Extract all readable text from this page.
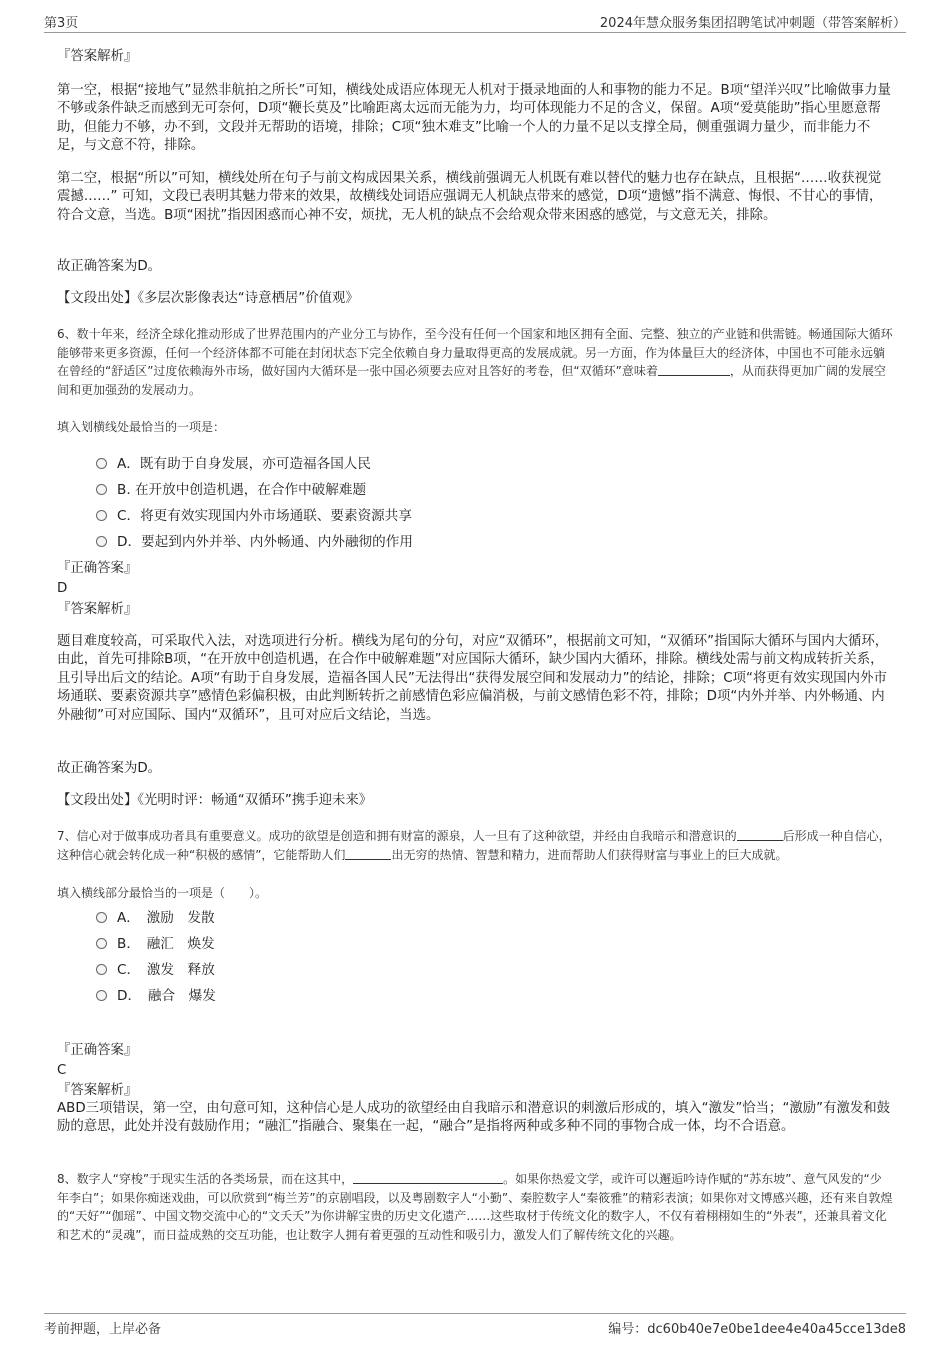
第3页	2024年慧众服务集团招聘笔试冲刺题（带答案解析）
『答案解析』

第一空，根据“接地气”显然非航拍之所长”可知，横线处成语应体现无人机对于摄录地面的人和事物的能力不足。B项“望洋兴叹”比喻做事力量不够或条件缺乏而感到无可奈何，D项“鞭长莫及”比喻距离太远而无能为力，均可体现能力不足的含义，保留。A项“爱莫能助”指心里愿意帮助，但能力不够，办不到，文段并无帮助的语境，排除；C项“独木难支”比喻一个人的力量不足以支撑全局，侧重强调力量少，而非能力不足，与文意不符，排除。

第二空，根据“所以”可知，横线处所在句子与前文构成因果关系，横线前强调无人机既有难以替代的魅力也存在缺点，且根据“……收获视觉震撼……” 可知，文段已表明其魅力带来的效果，故横线处词语应强调无人机缺点带来的感觉，D项“遗憾”指不满意、悔恨、不甘心的事情，符合文意，当选。B项“困扰”指因困惑而心神不安，烦扰，无人机的缺点不会给观众带来困惑的感觉，与文意无关，排除。

故正确答案为D。
【文段出处】《多层次影像表达“诗意栖居”价值观》

6、数十年来，经济全球化推动形成了世界范围内的产业分工与协作，至今没有任何一个国家和地区拥有全面、完整、独立的产业链和供需链。畅通国际大循环能够带来更多资源，任何一个经济体都不可能在封闭状态下完全依赖自身力量取得更高的发展成就。另一方面，作为体量巨大的经济体，中国也不可能永远躺在曾经的“舒适区”过度依赖海外市场，做好国内大循环是一张中国必须要去应对且答好的考卷，但“双循环”意味着	，从而获得更加广阔的发展空间和更加强劲的发展动力。

填入划横线处最恰当的一项是：
A．既有助于自身发展，亦可造福各国人民
B. 在开放中创造机遇，在合作中破解难题
C．将更有效实现国内外市场通联、要素资源共享
D．要起到内外并举、内外畅通、内外融彻的作用
『正确答案』
D
『答案解析』

题目难度较高，可采取代入法，对选项进行分析。横线为尾句的分句，对应“双循环”，根据前文可知，“双循环”指国际大循环与国内大循环，由此，首先可排除B项，“在开放中创造机遇，在合作中破解难题”对应国际大循环，缺少国内大循环，排除。横线处需与前文构成转折关系，且引导出后文的结论。A项“有助于自身发展，造福各国人民”无法得出“获得发展空间和发展动力”的结论，排除；C项“将更有效实现国内外市场通联、要素资源共享”感情色彩偏积极，由此判断转折之前感情色彩应偏消极，与前文感情色彩不符，排除；D项“内外并举、内外畅通、内外融彻”可对应国际、国内“双循环”，且可对应后文结论，当选。

故正确答案为D。
【文段出处】《光明时评：畅通“双循环”携手迎未来》

7、信心对于做事成功者具有重要意义。成功的欲望是创造和拥有财富的源泉，人一旦有了这种欲望，并经由自我暗示和潜意识的	后形成一种自信心，这种信心就会转化成一种“积极的感情”，它能帮助人们	出无穷的热情、智慧和精力，进而帮助人们获得财富与事业上的巨大成就。

填入横线部分最恰当的一项是（　　）。
A．　激励　发散
B．　融汇　焕发
C．　激发　释放
D．　融合　爆发
『正确答案』
C
『答案解析』

ABD三项错误，第一空，由句意可知，这种信心是人成功的欲望经由自我暗示和潜意识的刺激后形成的，填入“激发”恰当；“激励”有激发和鼓励的意思，此处并没有鼓励作用；“融汇”指融合、聚集在一起，“融合”是指将两种或多种不同的事物合成一体，均不合语意。

8、数字人“穿梭”于现实生活的各类场景，而在这其中，	。如果你热爱文学，或许可以邂逅吟诗作赋的“苏东坡”、意气风发的“少年李白”；如果你痴迷戏曲，可以欣赏到“梅兰芳”的京剧唱段，以及粤剧数字人“小勤”、秦腔数字人“秦筱雅”的精彩表演；如果你对文博感兴趣，还有来自敦煌的“天好”“伽瑶”、中国文物交流中心的“文夭夭”为你讲解宝贵的历史文化遗产……这些取材于传统文化的数字人，不仅有着栩栩如生的“外表”，还兼具着文化和艺术的“灵魂”，而日益成熟的交互功能，也让数字人拥有着更强的互动性和吸引力，激发人们了解传统文化的兴趣。

考前押题，上岸必备	编号：dc60b40e7e0be1dee4e40a45cce13de8
